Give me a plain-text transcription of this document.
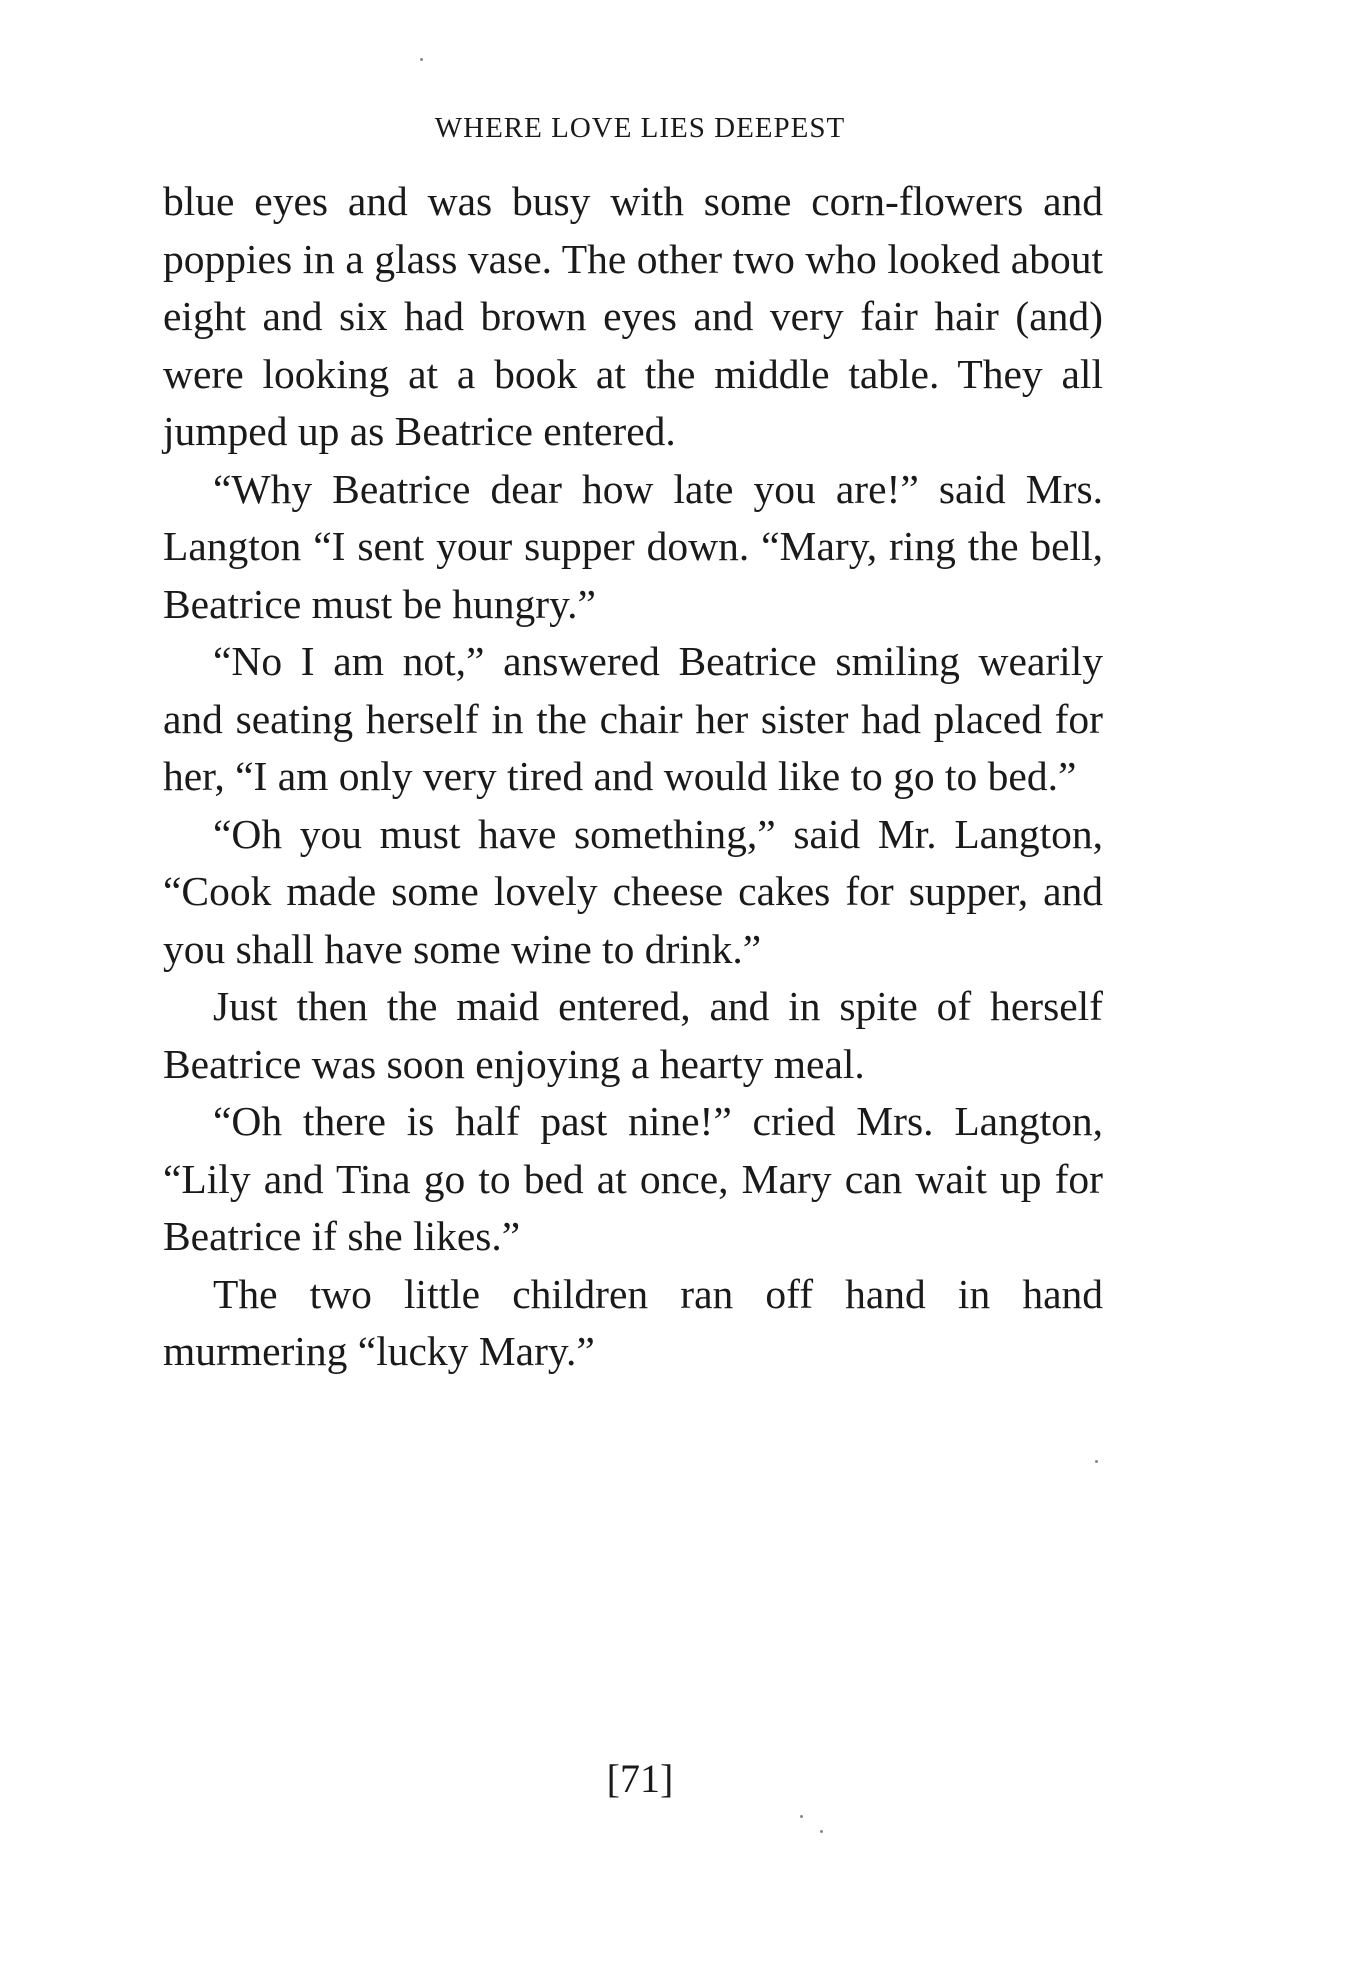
WHERE LOVE LIES DEEPEST

blue eyes and was busy with some corn-flowers and poppies in a glass vase. The other two who looked about eight and six had brown eyes and very fair hair (and) were looking at a book at the middle table. They all jumped up as Beatrice entered.

“Why Beatrice dear how late you are!” said Mrs. Langton “I sent your supper down. “Mary, ring the bell, Beatrice must be hungry.”

“No I am not,” answered Beatrice smiling wearily and seating herself in the chair her sister had placed for her, “I am only very tired and would like to go to bed.”

“Oh you must have something,” said Mr. Langton, “Cook made some lovely cheese cakes for supper, and you shall have some wine to drink.”

Just then the maid entered, and in spite of herself Beatrice was soon enjoying a hearty meal.

“Oh there is half past nine!” cried Mrs. Langton, “Lily and Tina go to bed at once, Mary can wait up for Beatrice if she likes.”

The two little children ran off hand in hand murmering “lucky Mary.”

[71]
